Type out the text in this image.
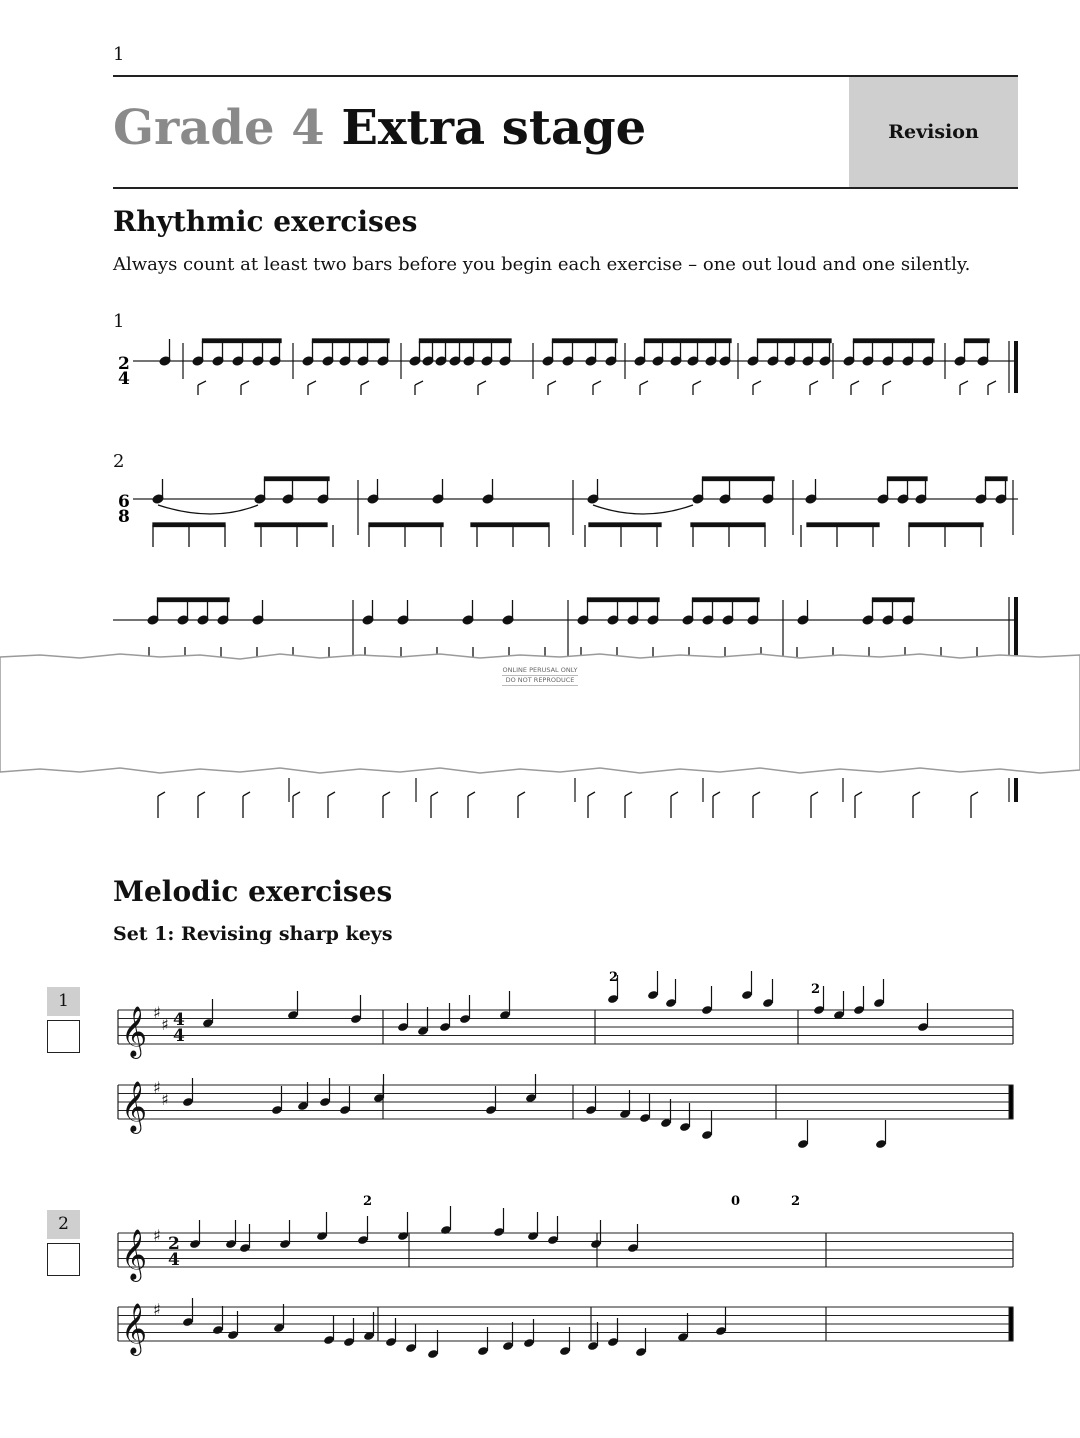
1
Grade 4 Extra stage	Revision
Rhythmic exercises
Always count at least two bars before you begin each exercise – one out loud and one silently.
1
2
4
2
6
8
ONLINE PERUSAL ONLY
DO NOT REPRODUCE
Melodic exercises
Set 1: Revising sharp keys
1
2
𝄞 ♯
♯
𝄞 ♯
♯
𝄞 ♯
𝄞 ♯
4
4
2
4
2
2
2	0	2
